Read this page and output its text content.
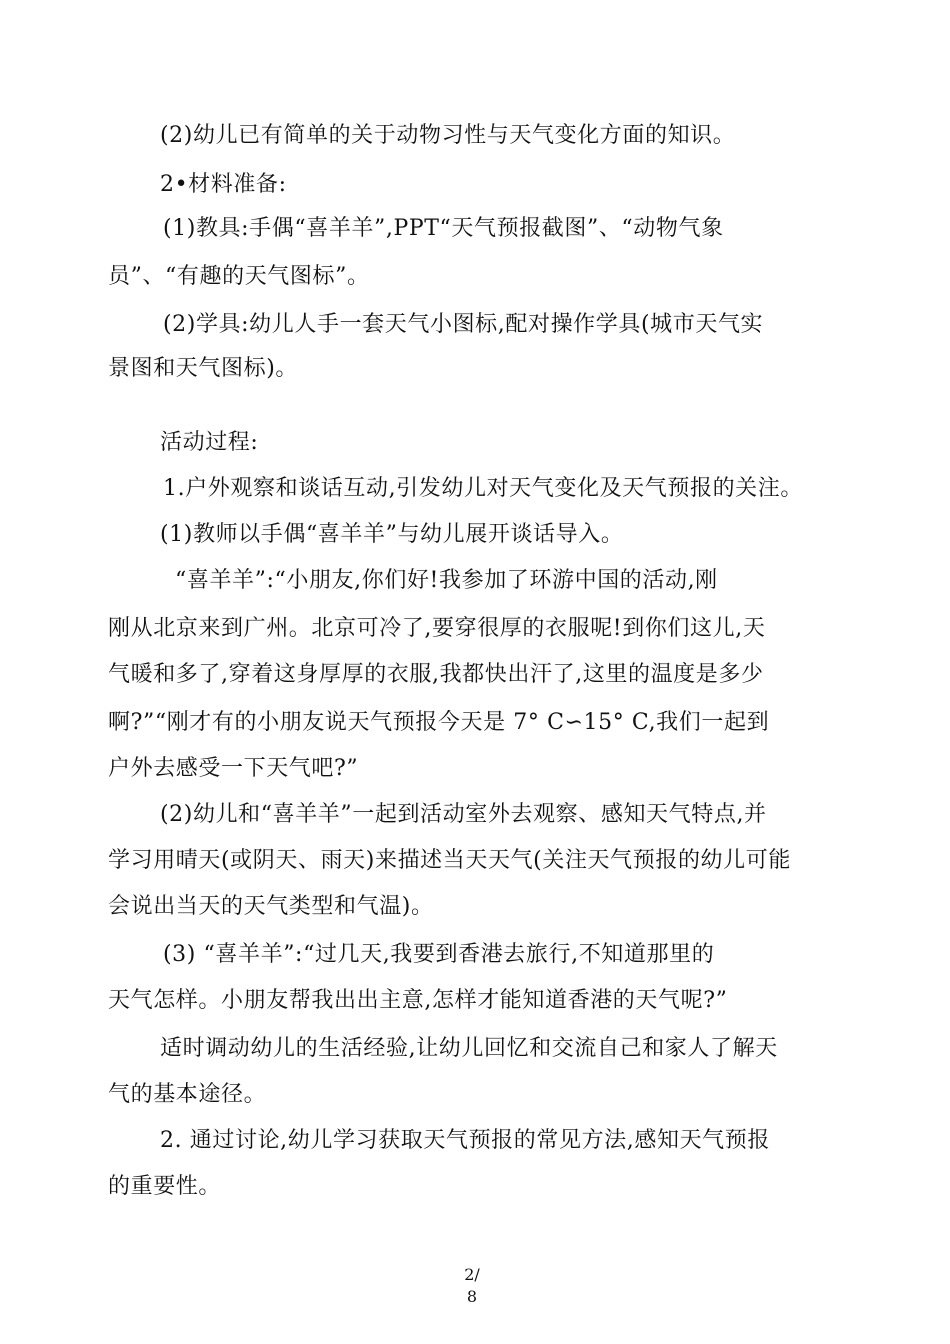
(2)幼儿已有简单的关于动物习性与天气变化方面的知识。
2•材料准备:
(1)教具:手偶“喜羊羊”,PPT“天气预报截图”、“动物气象
员”、“有趣的天气图标”。
(2)学具:幼儿人手一套天气小图标,配对操作学具(城市天气实
景图和天气图标)。
活动过程:
1.户外观察和谈话互动,引发幼儿对天气变化及天气预报的关注。
(1)教师以手偶“喜羊羊”与幼儿展开谈话导入。
“喜羊羊”:“小朋友,你们好!我参加了环游中国的活动,刚
刚从北京来到广州。北京可冷了,要穿很厚的衣服呢!到你们这儿,天
气暖和多了,穿着这身厚厚的衣服,我都快出汗了,这里的温度是多少
啊?”“刚才有的小朋友说天气预报今天是 7° C∽15° C,我们一起到
户外去感受一下天气吧?”
(2)幼儿和“喜羊羊”一起到活动室外去观察、感知天气特点,并
学习用晴天(或阴天、雨天)来描述当天天气(关注天气预报的幼儿可能
会说出当天的天气类型和气温)。
(3) “喜羊羊”:“过几天,我要到香港去旅行,不知道那里的
天气怎样。小朋友帮我出出主意,怎样才能知道香港的天气呢?”
适时调动幼儿的生活经验,让幼儿回忆和交流自己和家人了解天
气的基本途径。
2. 通过讨论,幼儿学习获取天气预报的常见方法,感知天气预报
的重要性。
2/
8
